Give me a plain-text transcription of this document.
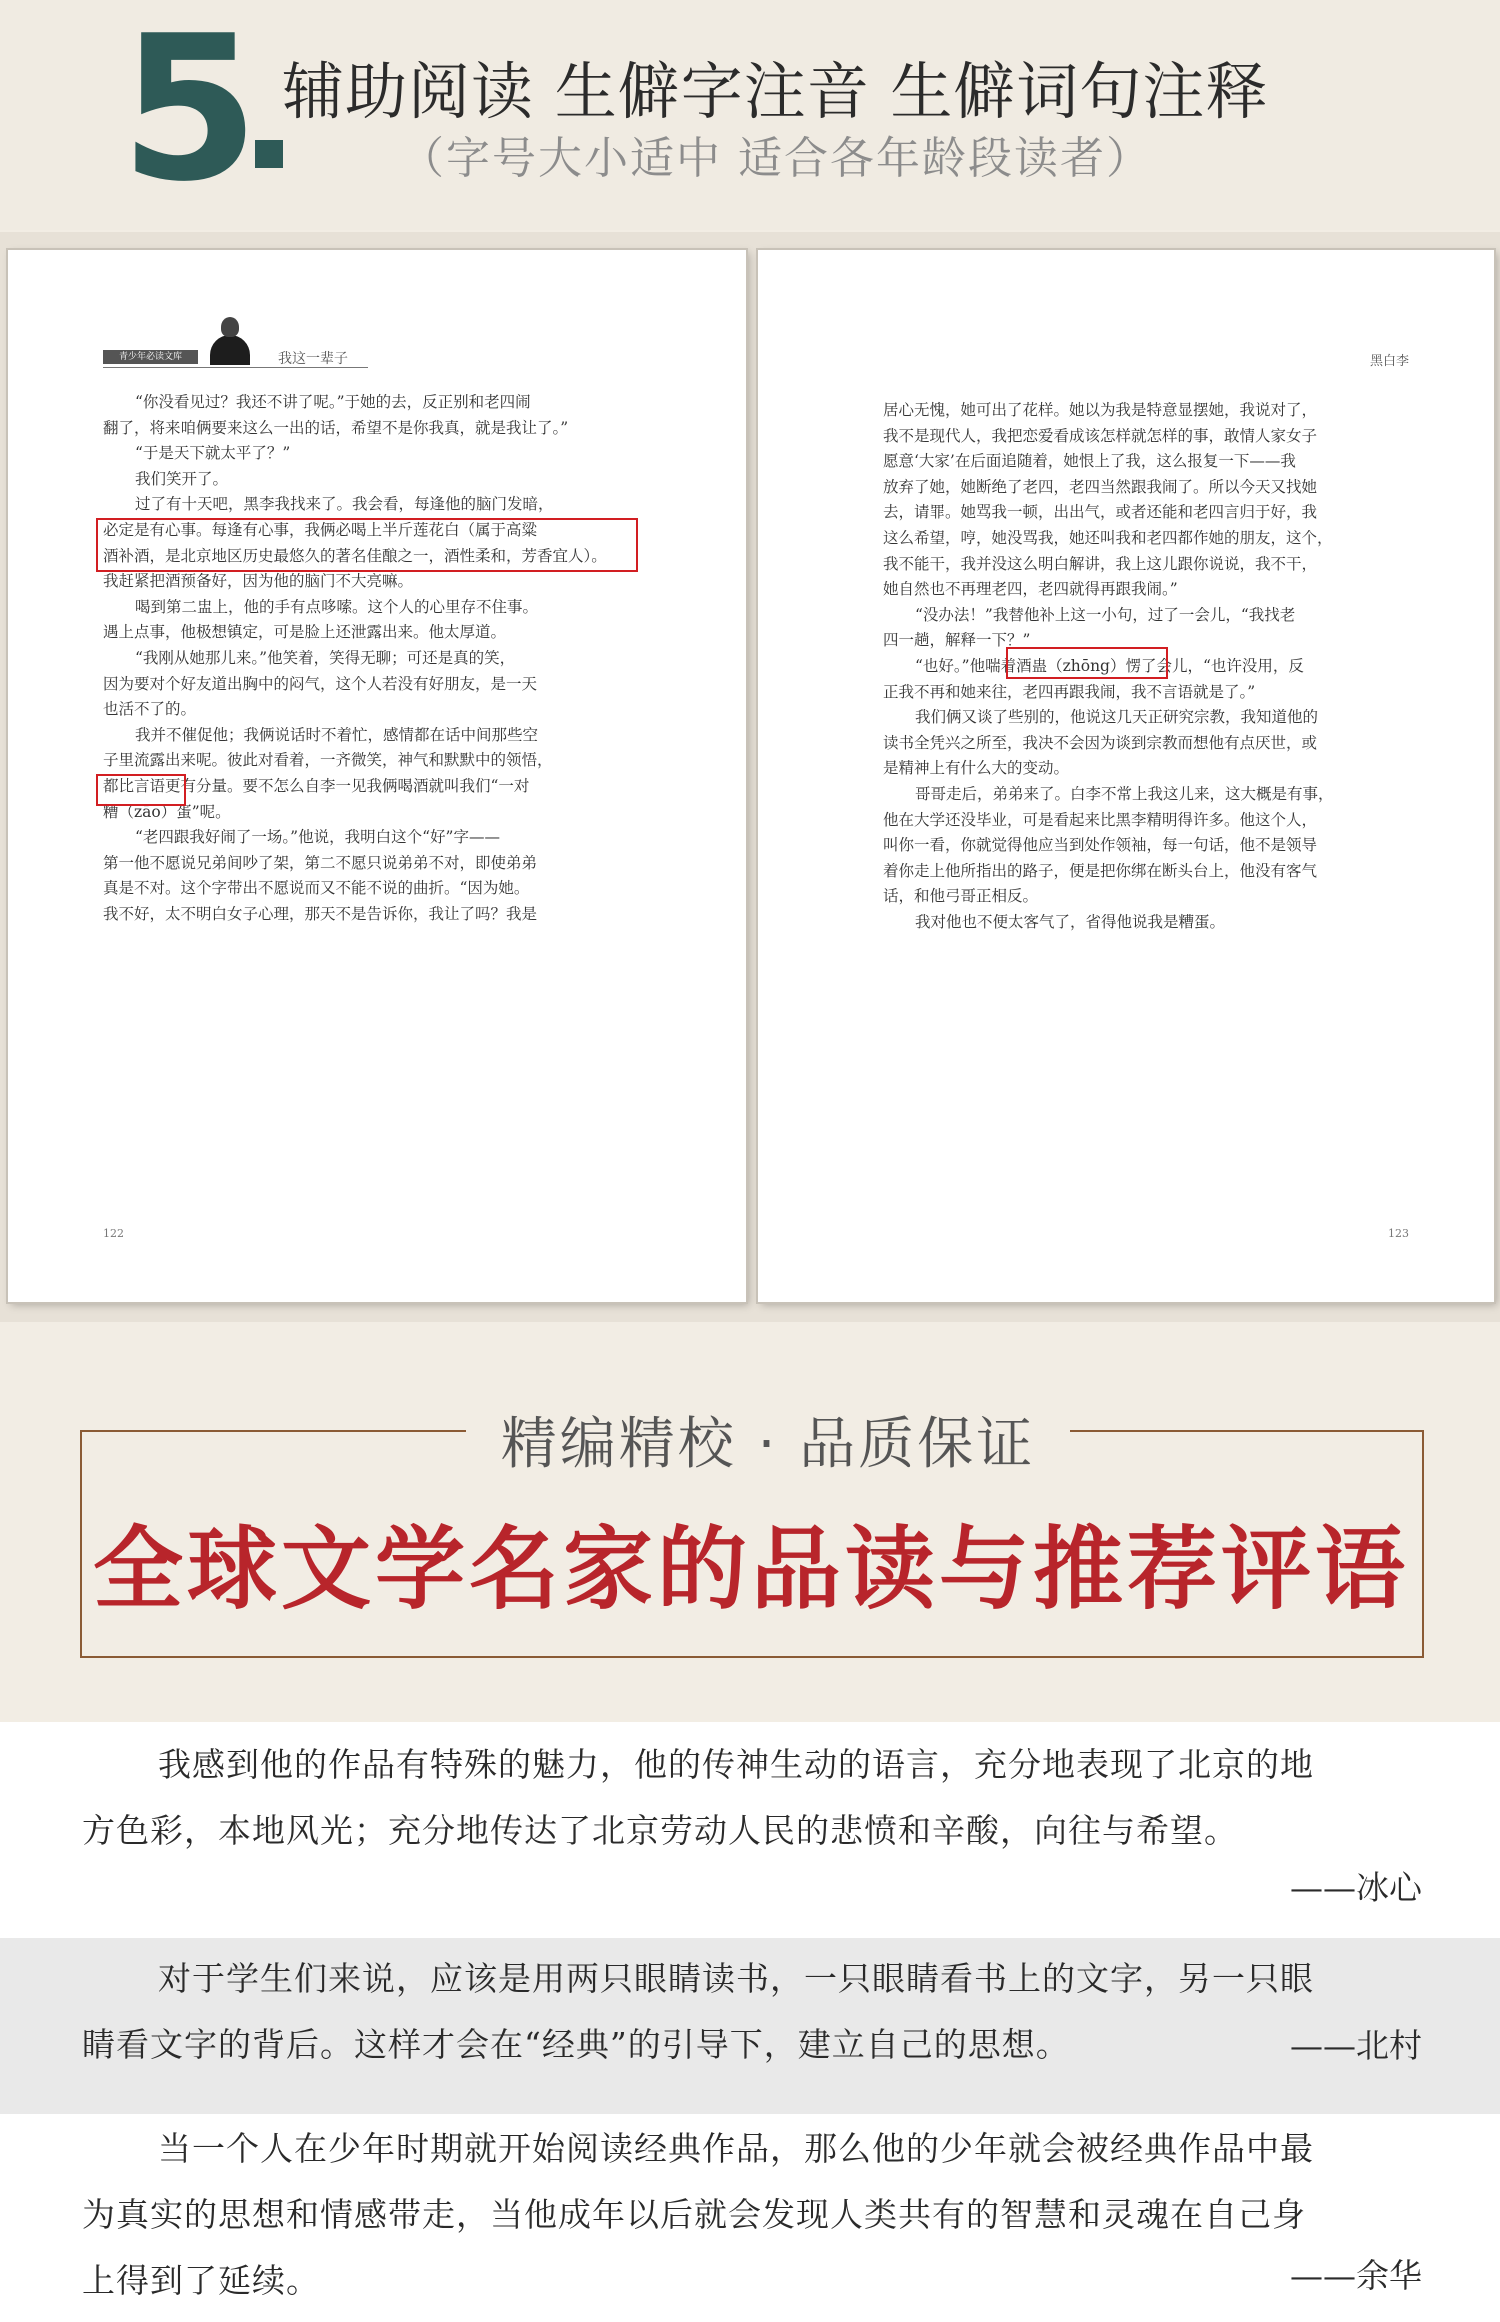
5 辅助阅读 生僻字注音 生僻词句注释
（字号大小适中 适合各年龄段读者）
青少年必读文库	我这一辈子
“你没看见过？我还不讲了呢。”于她的去，反正别和老四闹
翻了，将来咱俩要来这么一出的话，希望不是你我真，就是我让了。”
“于是天下就太平了？”
我们笑开了。
过了有十天吧，黑李我找来了。我会看，每逢他的脑门发暗，
必定是有心事。每逢有心事，我俩必喝上半斤莲花白（属于高粱
酒补酒，是北京地区历史最悠久的著名佳酿之一，酒性柔和，芳香宜人）。
我赶紧把酒预备好，因为他的脑门不大亮嘛。
喝到第二盅上，他的手有点哆嗦。这个人的心里存不住事。
遇上点事，他极想镇定，可是脸上还泄露出来。他太厚道。
“我刚从她那儿来。”他笑着，笑得无聊；可还是真的笑，
因为要对个好友道出胸中的闷气，这个人若没有好朋友，是一天
也活不了的。
我并不催促他；我俩说话时不着忙，感情都在话中间那些空
子里流露出来呢。彼此对看着，一齐微笑，神气和默默中的领悟，
都比言语更有分量。要不怎么自李一见我俩喝酒就叫我们“一对
糟（zāo）蛋”呢。
“老四跟我好闹了一场。”他说，我明白这个“好”字——
第一他不愿说兄弟间吵了架，第二不愿只说弟弟不对，即使弟弟
真是不对。这个字带出不愿说而又不能不说的曲折。“因为她。
我不好，太不明白女子心理，那天不是告诉你，我让了吗？我是
122
黑白李
居心无愧，她可出了花样。她以为我是特意显摆她，我说对了，
我不是现代人，我把恋爱看成该怎样就怎样的事，敢情人家女子
愿意‘大家’在后面追随着，她恨上了我，这么报复一下——我
放弃了她，她断绝了老四，老四当然跟我闹了。所以今天又找她
去，请罪。她骂我一顿，出出气，或者还能和老四言归于好，我
这么希望，哼，她没骂我，她还叫我和老四都作她的朋友，这个，
我不能干，我并没这么明白解讲，我上这儿跟你说说，我不干，
她自然也不再理老四，老四就得再跟我闹。”
“没办法！”我替他补上这一小句，过了一会儿，“我找老
四一趟，解释一下？”
“也好。”他喘着酒蛊（zhōng）愣了会儿，“也许没用，反
正我不再和她来往，老四再跟我闹，我不言语就是了。”
我们俩又谈了些别的，他说这几天正研究宗教，我知道他的
读书全凭兴之所至，我决不会因为谈到宗教而想他有点厌世，或
是精神上有什么大的变动。
哥哥走后，弟弟来了。白李不常上我这儿来，这大概是有事，
他在大学还没毕业，可是看起来比黑李精明得许多。他这个人，
叫你一看，你就觉得他应当到处作领袖，每一句话，他不是领导
着你走上他所指出的路子，便是把你绑在断头台上，他没有客气
话，和他弓哥正相反。
我对他也不便太客气了，省得他说我是糟蛋。
123
精编精校 · 品质保证
全球文学名家的品读与推荐评语
我感到他的作品有特殊的魅力，他的传神生动的语言，充分地表现了北京的地
方色彩，本地风光；充分地传达了北京劳动人民的悲愤和辛酸，向往与希望。
——冰心
对于学生们来说，应该是用两只眼睛读书，一只眼睛看书上的文字，另一只眼
睛看文字的背后。这样才会在“经典”的引导下，建立自己的思想。	——北村
当一个人在少年时期就开始阅读经典作品，那么他的少年就会被经典作品中最
为真实的思想和情感带走，当他成年以后就会发现人类共有的智慧和灵魂在自己身
上得到了延续。	——余华
